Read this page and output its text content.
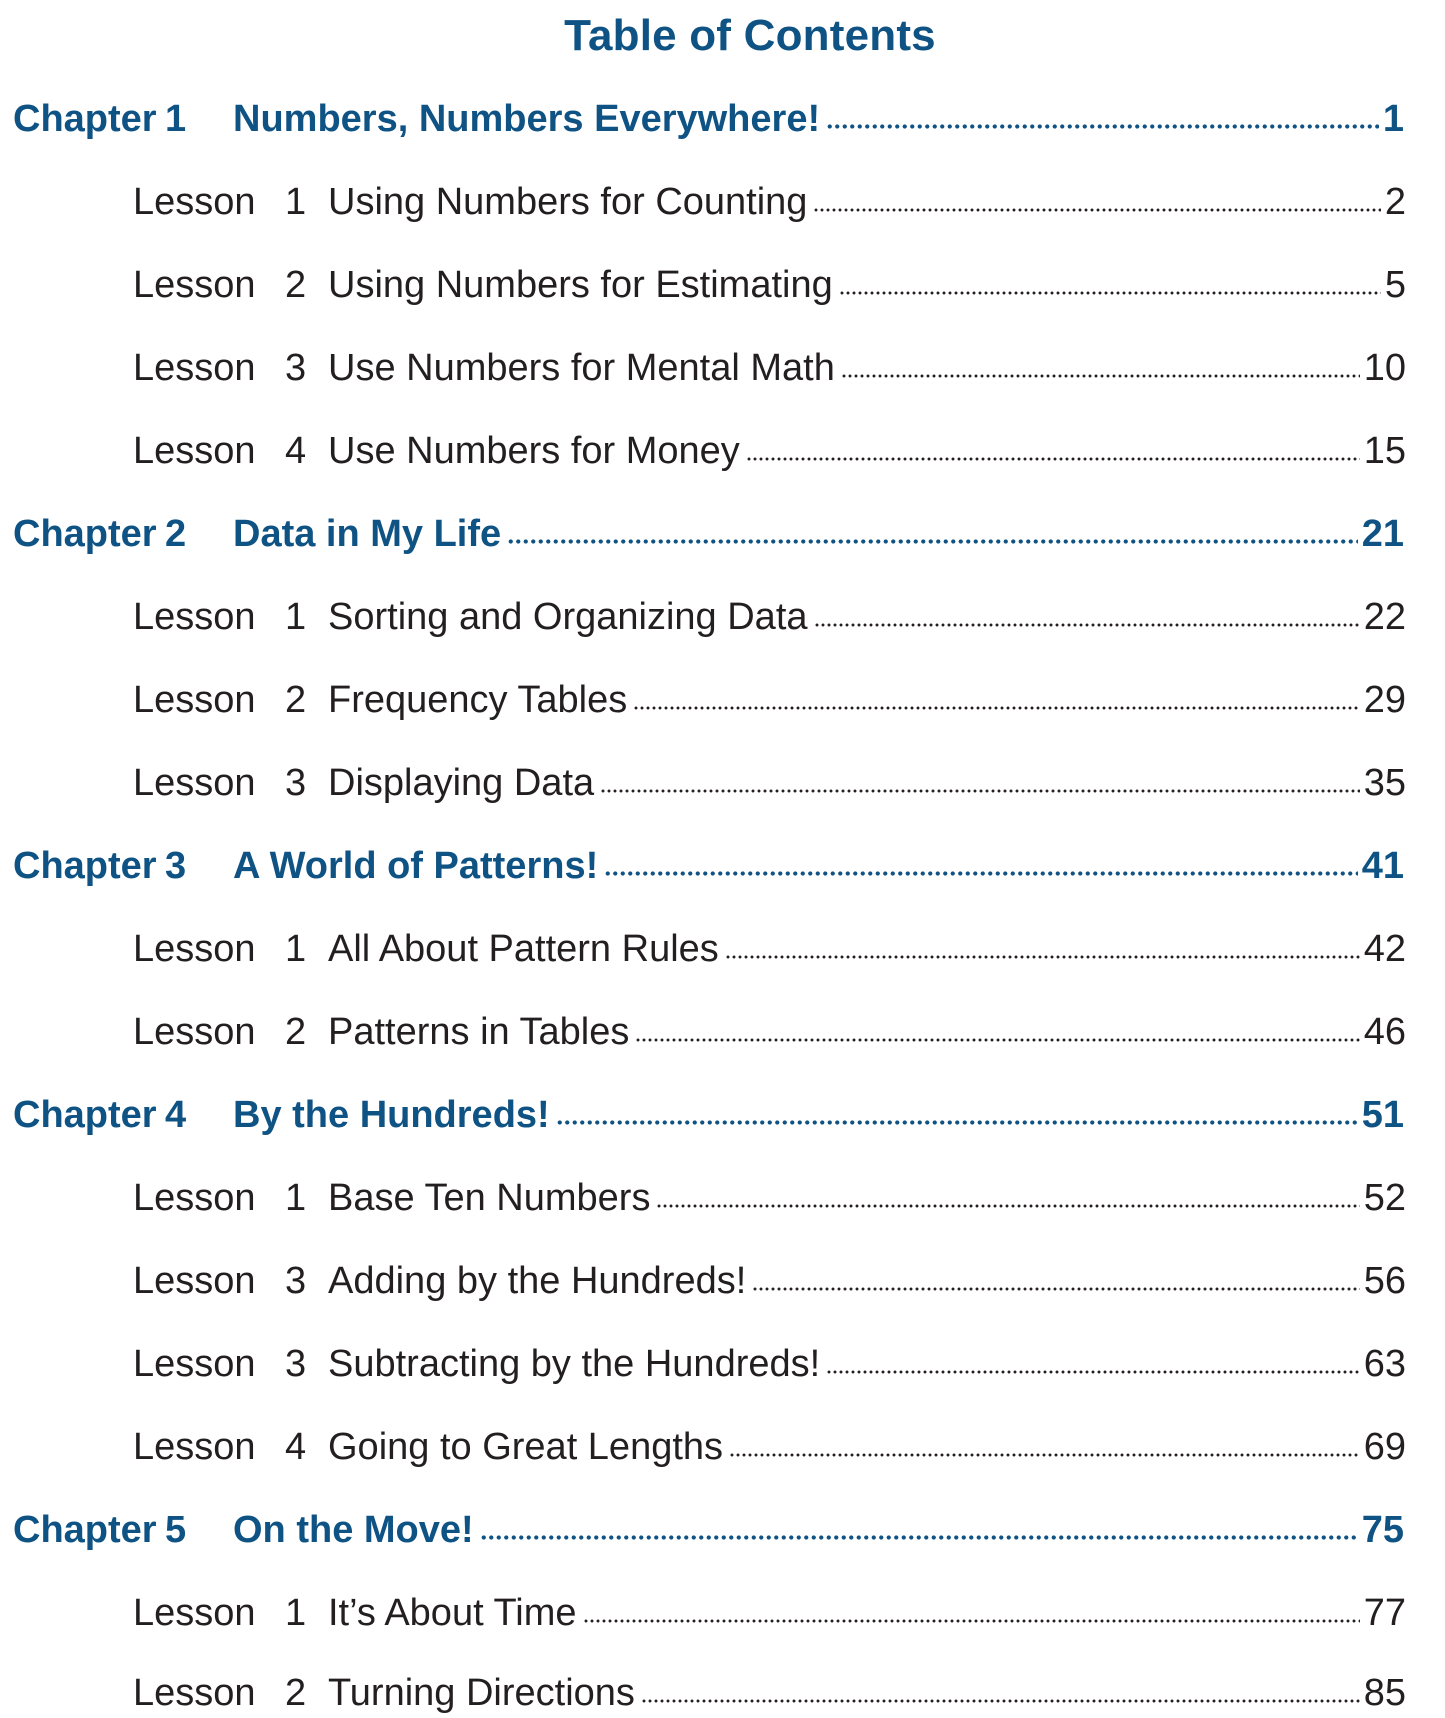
Table of Contents
Chapter 1	Numbers, Numbers Everywhere!	1
Lesson 1 Using Numbers for Counting	2
Lesson 2 Using Numbers for Estimating	5
Lesson 3 Use Numbers for Mental Math	10
Lesson 4 Use Numbers for Money	15
Chapter 2	Data in My Life	21
Lesson 1 Sorting and Organizing Data	22
Lesson 2 Frequency Tables	29
Lesson 3 Displaying Data	35
Chapter 3	A World of Patterns!	41
Lesson 1 All About Pattern Rules	42
Lesson 2 Patterns in Tables	46
Chapter 4	By the Hundreds!	51
Lesson 1 Base Ten Numbers	52
Lesson 3 Adding by the Hundreds!	56
Lesson 3 Subtracting by the Hundreds!	63
Lesson 4 Going to Great Lengths	69
Chapter 5	On the Move!	75
Lesson 1 It’s About Time	77
Lesson 2 Turning Directions	85
